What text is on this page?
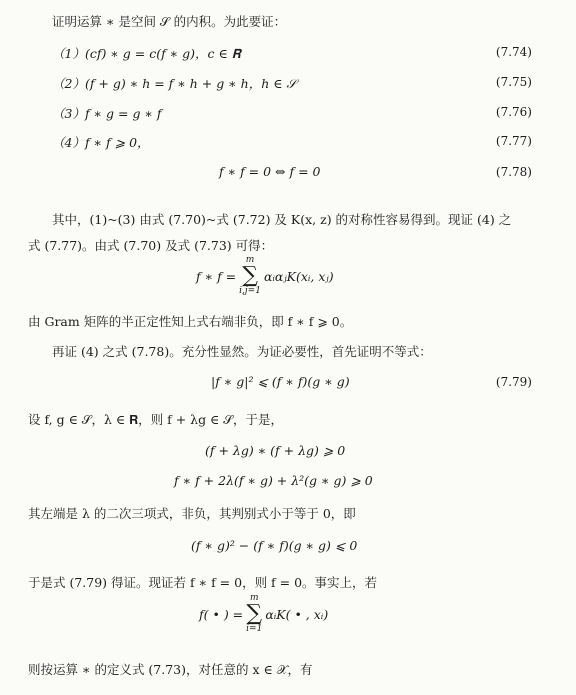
证明运算 ∗ 是空间 𝒮 的内积。为此要证：
（1）(cf) ∗ g = c(f ∗ g)，c ∈ 𝐑	(7.74)
（2）(f + g) ∗ h = f ∗ h + g ∗ h，h ∈ 𝒮	(7.75)
（3）f ∗ g = g ∗ f	(7.76)
（4）f ∗ f ⩾ 0，	(7.77)
f ∗ f = 0 ⇔ f = 0	(7.78)
其中，(1)~(3) 由式 (7.70)~式 (7.72) 及 K(x, z) 的对称性容易得到。现证 (4) 之
式 (7.77)。由式 (7.70) 及式 (7.73) 可得：
f ∗ f =
m
∑
i,j=1
αᵢαⱼK(xᵢ, xⱼ)
由 Gram 矩阵的半正定性知上式右端非负，即 f ∗ f ⩾ 0。
再证 (4) 之式 (7.78)。充分性显然。为证必要性，首先证明不等式：
|f ∗ g|² ⩽ (f ∗ f)(g ∗ g)	(7.79)
设 f, g ∈ 𝒮，λ ∈ 𝐑，则 f + λg ∈ 𝒮，于是，
(f + λg) ∗ (f + λg) ⩾ 0
f ∗ f + 2λ(f ∗ g) + λ²(g ∗ g) ⩾ 0
其左端是 λ 的二次三项式，非负，其判别式小于等于 0，即
(f ∗ g)² − (f ∗ f)(g ∗ g) ⩽ 0
于是式 (7.79) 得证。现证若 f ∗ f = 0，则 f = 0。事实上，若
f( • ) =
m
∑
i=1
αᵢK( • , xᵢ)
则按运算 ∗ 的定义式 (7.73)，对任意的 x ∈ 𝒳，有
